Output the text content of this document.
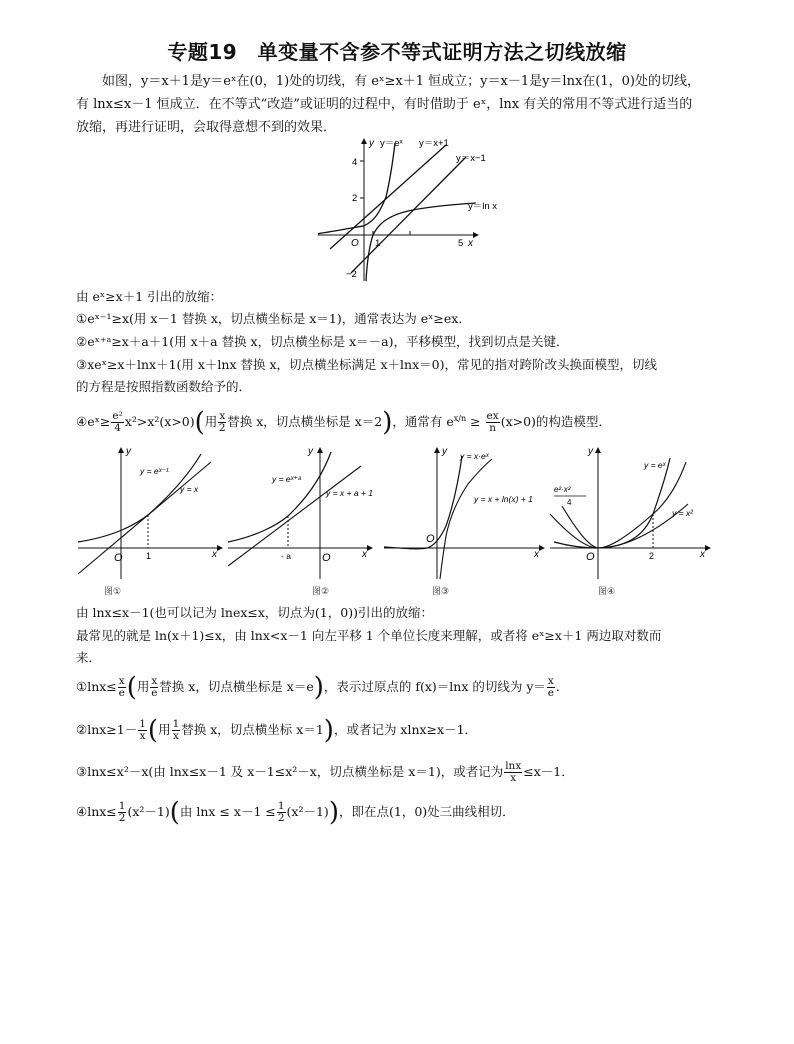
专题19　单变量不含参不等式证明方法之切线放缩

如图，y＝x＋1是y＝eˣ在(0，1)处的切线，有 eˣ≥x＋1 恒成立；y＝x－1是y＝lnx在(1，0)处的切线，

有 lnx≤x－1 恒成立．在不等式“改造”或证明的过程中，有时借助于 eˣ，lnx 有关的常用不等式进行适当的

放缩，再进行证明，会取得意想不到的效果．

y y＝eˣ y＝x+1
y＝x−1
y＝ln x
4
2
O 1	5 x
−2
由 eˣ≥x＋1 引出的放缩：
①eˣ⁻¹≥x(用 x－1 替换 x，切点横坐标是 x＝1)，通常表达为 eˣ≥ex．
②eˣ⁺ᵃ≥x＋a＋1(用 x＋a 替换 x，切点横坐标是 x＝－a)，平移模型，找到切点是关键．
③xeˣ≥x＋lnx＋1(用 x＋lnx 替换 x，切点横坐标满足 x＋lnx＝0)，常见的指对跨阶改头换面模型，切线
的方程是按照指数函数给予的．
④eˣ≥ $\frac{\text{e²}}{4} x^2>x^2(x>0)$(用 $\frac{x}{2}$ 替换 x，切点横坐标是 x＝2)，通常有 $e^{x/n} \ge \frac{ex}{n} (x>0)$的构造模型．
y
y = eˣ⁻¹
y = x
O	1	x
图①
y
y = eˣ⁺ᵃ
y = x + a + 1
- a	O	x
图②
y y = x·eˣ
y = x + ln(x) + 1
O
x
图③
y
y = eˣ
e²·x²
4
y = x²
O	2	x
图④
由 lnx≤x－1(也可以记为 lnex≤x，切点为(1，0))引出的放缩：
最常见的就是 ln(x＋1)≤x，由 lnx<x－1 向左平移 1 个单位长度来理解，或者将 eˣ≥x＋1 两边取对数而
来．
①lnx≤ $\frac{x}{e}$ (用 $\frac{x}{e}$ 替换 x，切点横坐标是 x＝e)，表示过原点的 f(x)＝lnx 的切线为 $y= \frac{x}{e}$ ．
②lnx≥1－ $\frac{1}{x}$ (用 $\frac{1}{x}$ 替换 x，切点横坐标 x＝1)，或者记为 xlnx≥x－1．
③lnx≤x²－x(由 lnx≤x－1 及 x－1≤x²－x，切点横坐标是 x＝1)，或者记为 $\frac{\ln x}{x} \le x-1$．
④lnx≤ $\frac{1}{2} (x^2-1)$(由 $\ln x \le x-1 \le \frac{1}{2} (x^2-1)$)，即在点(1，0)处三曲线相切．
